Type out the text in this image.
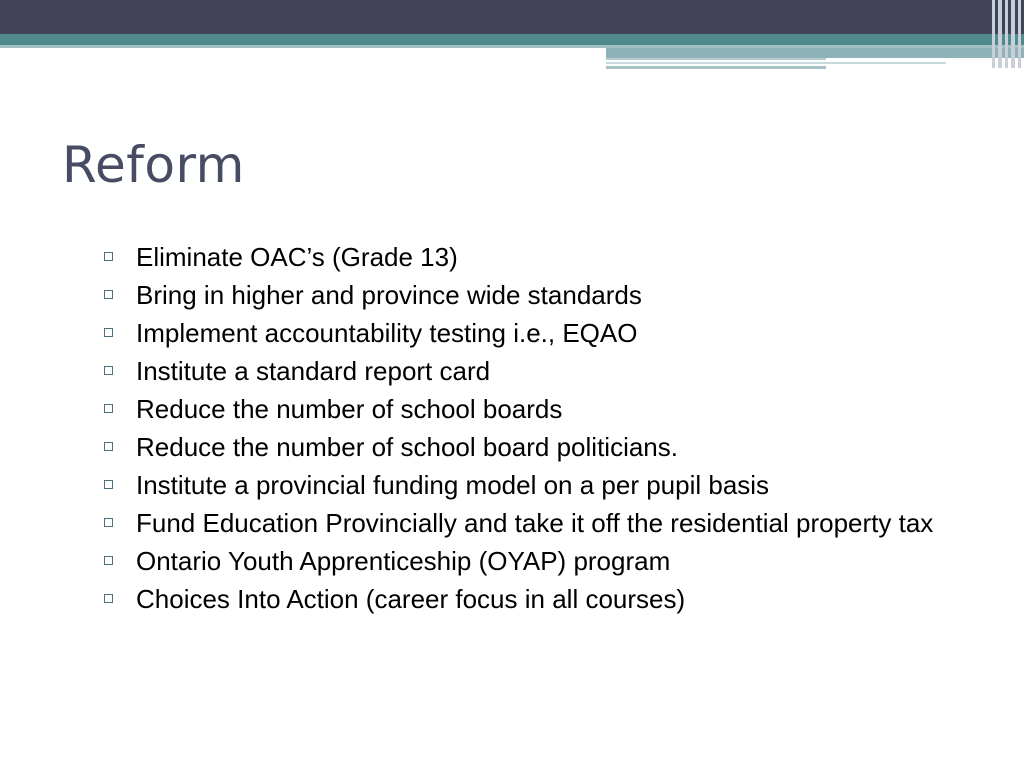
Reform
Eliminate OAC’s (Grade 13)
Bring in higher and province wide standards
Implement accountability testing i.e., EQAO
Institute a standard report card
Reduce the number of school boards
Reduce the number of school board politicians.
Institute a provincial funding model on a per pupil basis
Fund Education Provincially and take it off the residential property tax
Ontario Youth Apprenticeship (OYAP) program
Choices Into Action (career focus in all courses)
